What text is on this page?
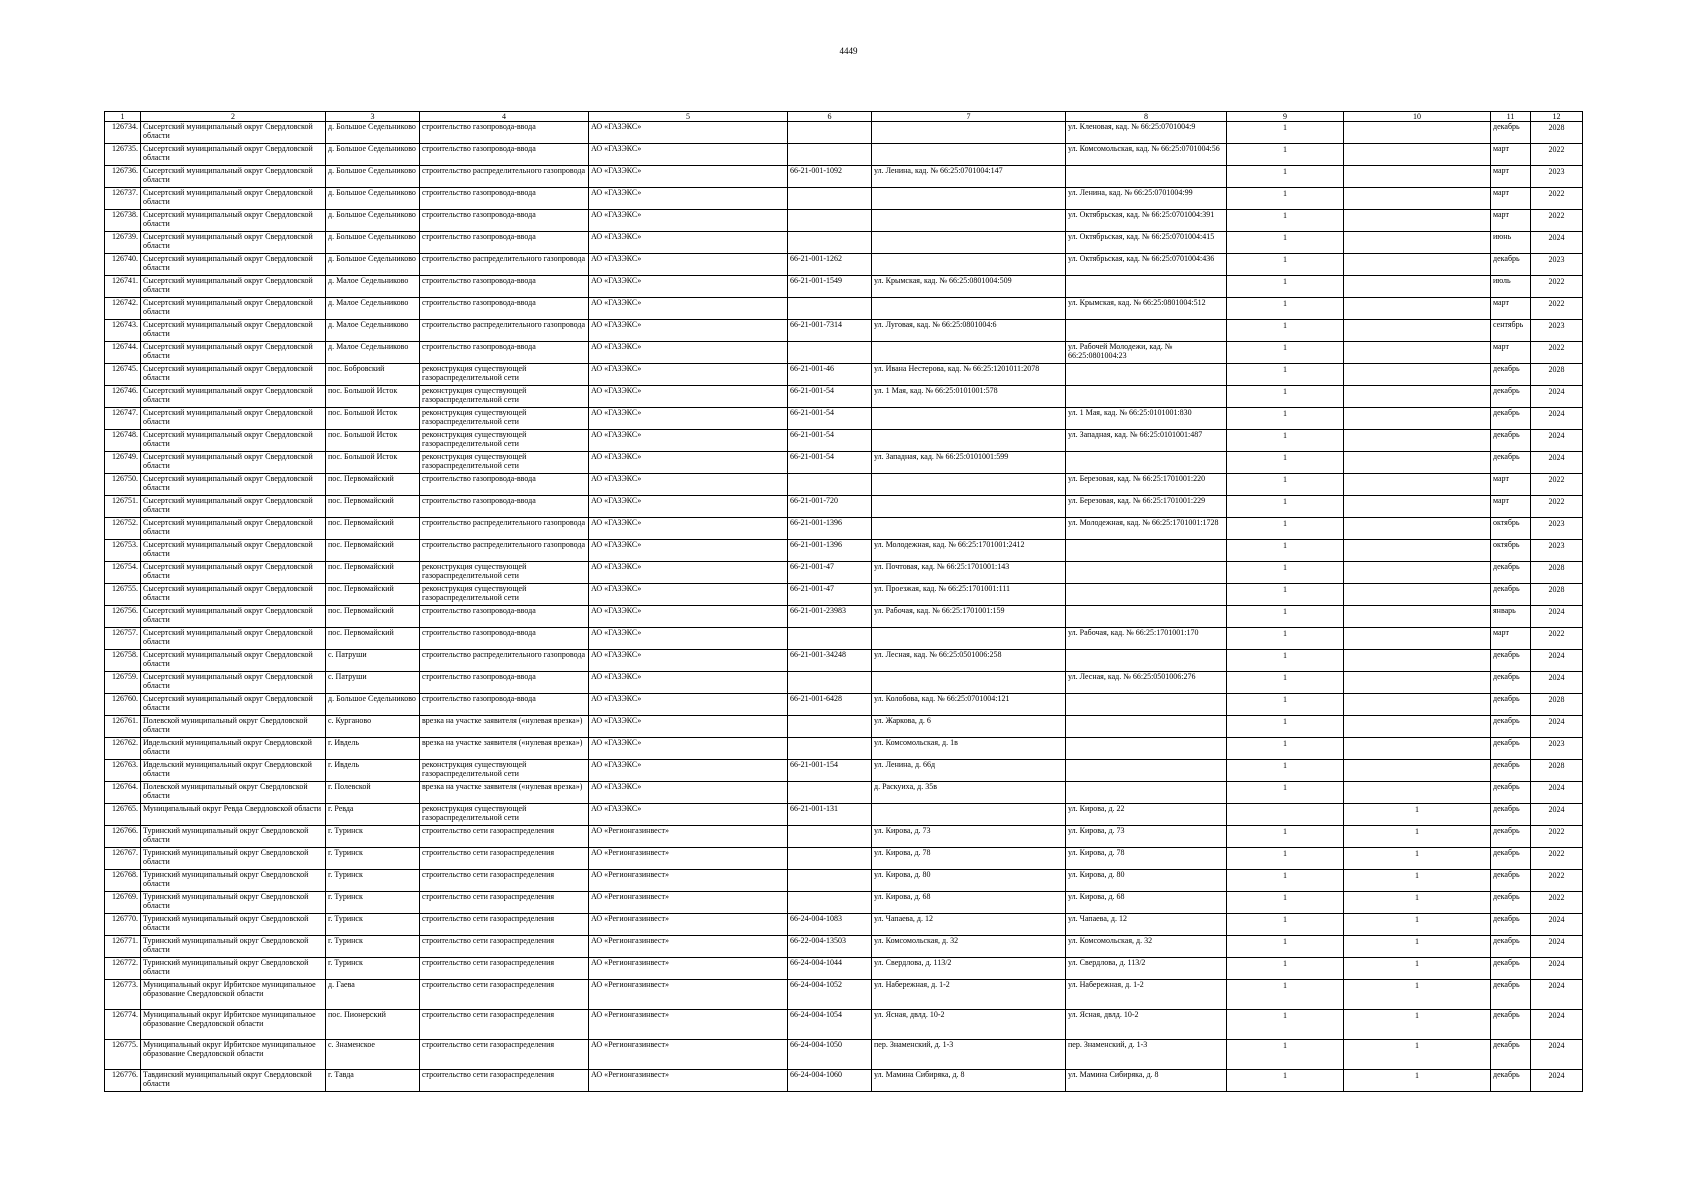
4449
1	2	3	4	5	6	7	8	9	10	11	12
126734.	Сысертский муниципальный округ Свердловской области	д. Большое Седельниково	строительство газопровода-ввода	АО «ГАЗЭКС»			ул. Кленовая, кад. № 66:25:0701004:9	1		декабрь	2028

126735.	Сысертский муниципальный округ Свердловской области	д. Большое Седельниково	строительство газопровода-ввода	АО «ГАЗЭКС»			ул. Комсомольская, кад. № 66:25:0701004:56	1		март	2022

126736.	Сысертский муниципальный округ Свердловской области	д. Большое Седельниково	строительство распределительного газопровода	АО «ГАЗЭКС»	66-21-001-1092	ул. Ленина, кад. № 66:25:0701004:147		1		март	2023

126737.	Сысертский муниципальный округ Свердловской области	д. Большое Седельниково	строительство газопровода-ввода	АО «ГАЗЭКС»			ул. Ленина, кад. № 66:25:0701004:99	1		март	2022

126738.	Сысертский муниципальный округ Свердловской области	д. Большое Седельниково	строительство газопровода-ввода	АО «ГАЗЭКС»			ул. Октябрьская, кад. № 66:25:0701004:391	1		март	2022

126739.	Сысертский муниципальный округ Свердловской области	д. Большое Седельниково	строительство газопровода-ввода	АО «ГАЗЭКС»			ул. Октябрьская, кад. № 66:25:0701004:415	1		июнь	2024

126740.	Сысертский муниципальный округ Свердловской области	д. Большое Седельниково	строительство распределительного газопровода	АО «ГАЗЭКС»	66-21-001-1262		ул. Октябрьская, кад. № 66:25:0701004:436	1		декабрь	2023

126741.	Сысертский муниципальный округ Свердловской области	д. Малое Седельниково	строительство газопровода-ввода	АО «ГАЗЭКС»	66-21-001-1549	ул. Крымская, кад. № 66:25:0801004:509		1		июль	2022

126742.	Сысертский муниципальный округ Свердловской области	д. Малое Седельниково	строительство газопровода-ввода	АО «ГАЗЭКС»			ул. Крымская, кад. № 66:25:0801004:512	1		март	2022

126743.	Сысертский муниципальный округ Свердловской области	д. Малое Седельниково	строительство распределительного газопровода	АО «ГАЗЭКС»	66-21-001-7314	ул. Луговая, кад. № 66:25:0801004:6		1		сентябрь	2023

126744.	Сысертский муниципальный округ Свердловской области	д. Малое Седельниково	строительство газопровода-ввода	АО «ГАЗЭКС»			ул. Рабочей Молодежи, кад. № 66:25:0801004:23	1		март	2022

126745.	Сысертский муниципальный округ Свердловской области	пос. Бобровский	реконструкция существующей газораспределительной сети	АО «ГАЗЭКС»	66-21-001-46	ул. Ивана Нестерова, кад. № 66:25:1201011:2078		1		декабрь	2028

126746.	Сысертский муниципальный округ Свердловской области	пос. Большой Исток	реконструкция существующей газораспределительной сети	АО «ГАЗЭКС»	66-21-001-54	ул. 1 Мая, кад. № 66:25:0101001:578		1		декабрь	2024

126747.	Сысертский муниципальный округ Свердловской области	пос. Большой Исток	реконструкция существующей газораспределительной сети	АО «ГАЗЭКС»	66-21-001-54		ул. 1 Мая, кад. № 66:25:0101001:830	1		декабрь	2024

126748.	Сысертский муниципальный округ Свердловской области	пос. Большой Исток	реконструкция существующей газораспределительной сети	АО «ГАЗЭКС»	66-21-001-54		ул. Западная, кад. № 66:25:0101001:487	1		декабрь	2024

126749.	Сысертский муниципальный округ Свердловской области	пос. Большой Исток	реконструкция существующей газораспределительной сети	АО «ГАЗЭКС»	66-21-001-54	ул. Западная, кад. № 66:25:0101001:599		1		декабрь	2024

126750.	Сысертский муниципальный округ Свердловской области	пос. Первомайский	строительство газопровода-ввода	АО «ГАЗЭКС»			ул. Березовая, кад. № 66:25:1701001:220	1		март	2022

126751.	Сысертский муниципальный округ Свердловской области	пос. Первомайский	строительство газопровода-ввода	АО «ГАЗЭКС»	66-21-001-720		ул. Березовая, кад. № 66:25:1701001:229	1		март	2022

126752.	Сысертский муниципальный округ Свердловской области	пос. Первомайский	строительство распределительного газопровода	АО «ГАЗЭКС»	66-21-001-1396		ул. Молодежная, кад. № 66:25:1701001:1728	1		октябрь	2023

126753.	Сысертский муниципальный округ Свердловской области	пос. Первомайский	строительство распределительного газопровода	АО «ГАЗЭКС»	66-21-001-1396	ул. Молодежная, кад. № 66:25:1701001:2412		1		октябрь	2023

126754.	Сысертский муниципальный округ Свердловской области	пос. Первомайский	реконструкция существующей газораспределительной сети	АО «ГАЗЭКС»	66-21-001-47	ул. Почтовая, кад. № 66:25:1701001:143		1		декабрь	2028

126755.	Сысертский муниципальный округ Свердловской области	пос. Первомайский	реконструкция существующей газораспределительной сети	АО «ГАЗЭКС»	66-21-001-47	ул. Проезжая, кад. № 66:25:1701001:111		1		декабрь	2028

126756.	Сысертский муниципальный округ Свердловской области	пос. Первомайский	строительство газопровода-ввода	АО «ГАЗЭКС»	66-21-001-23983	ул. Рабочая, кад. № 66:25:1701001:159		1		январь	2024

126757.	Сысертский муниципальный округ Свердловской области	пос. Первомайский	строительство газопровода-ввода	АО «ГАЗЭКС»			ул. Рабочая, кад. № 66:25:1701001:170	1		март	2022

126758.	Сысертский муниципальный округ Свердловской области	с. Патруши	строительство распределительного газопровода	АО «ГАЗЭКС»	66-21-001-34248	ул. Лесная, кад. № 66:25:0501006:258		1		декабрь	2024

126759.	Сысертский муниципальный округ Свердловской области	с. Патруши	строительство газопровода-ввода	АО «ГАЗЭКС»			ул. Лесная, кад. № 66:25:0501006:276	1		декабрь	2024

126760.	Сысертский муниципальный округ Свердловской области	д. Большое Седельниково	строительство газопровода-ввода	АО «ГАЗЭКС»	66-21-001-6428	ул. Колобова, кад. № 66:25:0701004:121		1		декабрь	2028

126761.	Полевской муниципальный округ Свердловской области	с. Курганово	врезка на участке заявителя («нулевая врезка»)	АО «ГАЗЭКС»		ул. Жаркова, д. 6		1		декабрь	2024

126762.	Ивдельский муниципальный округ Свердловской области	г. Ивдель	врезка на участке заявителя («нулевая врезка»)	АО «ГАЗЭКС»		ул. Комсомольская, д. 1в		1		декабрь	2023

126763.	Ивдельский муниципальный округ Свердловской области	г. Ивдель	реконструкция существующей газораспределительной сети	АО «ГАЗЭКС»	66-21-001-154	ул. Ленина, д. 66д		1		декабрь	2028

126764.	Полевской муниципальный округ Свердловской области	г. Полевской	врезка на участке заявителя («нулевая врезка»)	АО «ГАЗЭКС»		д. Раскуиха, д. 35в		1		декабрь	2024

126765.	Муниципальный округ Ревда Свердловской области	г. Ревда	реконструкция существующей газораспределительной сети	АО «ГАЗЭКС»	66-21-001-131		ул. Кирова, д. 22		1	декабрь	2024

126766.	Туринский муниципальный округ Свердловской области	г. Туринск	строительство сети газораспределения	АО «Регионгазинвест»		ул. Кирова, д. 73	ул. Кирова, д. 73	1	1	декабрь	2022

126767.	Туринский муниципальный округ Свердловской области	г. Туринск	строительство сети газораспределения	АО «Регионгазинвест»		ул. Кирова, д. 78	ул. Кирова, д. 78	1	1	декабрь	2022

126768.	Туринский муниципальный округ Свердловской области	г. Туринск	строительство сети газораспределения	АО «Регионгазинвест»		ул. Кирова, д. 80	ул. Кирова, д. 80	1	1	декабрь	2022

126769.	Туринский муниципальный округ Свердловской области	г. Туринск	строительство сети газораспределения	АО «Регионгазинвест»		ул. Кирова, д. 68	ул. Кирова, д. 68	1	1	декабрь	2022

126770.	Туринский муниципальный округ Свердловской области	г. Туринск	строительство сети газораспределения	АО «Регионгазинвест»	66-24-004-1083	ул. Чапаева, д. 12	ул. Чапаева, д. 12	1	1	декабрь	2024

126771.	Туринский муниципальный округ Свердловской области	г. Туринск	строительство сети газораспределения	АО «Регионгазинвест»	66-22-004-13503	ул. Комсомольская, д. 32	ул. Комсомольская, д. 32	1	1	декабрь	2024

126772.	Туринский муниципальный округ Свердловской области	г. Туринск	строительство сети газораспределения	АО «Регионгазинвест»	66-24-004-1044	ул. Свердлова, д. 113/2	ул. Свердлова, д. 113/2	1	1	декабрь	2024

126773.	Муниципальный округ Ирбитское муниципальное образование Свердловской области	д. Гаева	строительство сети газораспределения	АО «Регионгазинвест»	66-24-004-1052	ул. Набережная, д. 1-2	ул. Набережная, д. 1-2	1	1	декабрь	2024

126774.	Муниципальный округ Ирбитское муниципальное образование Свердловской области	пос. Пионерский	строительство сети газораспределения	АО «Регионгазинвест»	66-24-004-1054	ул. Ясная, двлд. 10-2	ул. Ясная, двлд. 10-2	1	1	декабрь	2024

126775.	Муниципальный округ Ирбитское муниципальное образование Свердловской области	с. Знаменское	строительство сети газораспределения	АО «Регионгазинвест»	66-24-004-1050	пер. Знаменский, д. 1-3	пер. Знаменский, д. 1-3	1	1	декабрь	2024

126776.	Тавдинский муниципальный округ Свердловской области	г. Тавда	строительство сети газораспределения	АО «Регионгазинвест»	66-24-004-1060	ул. Мамина Сибиряка, д. 8	ул. Мамина Сибиряка, д. 8	1	1	декабрь	2024
